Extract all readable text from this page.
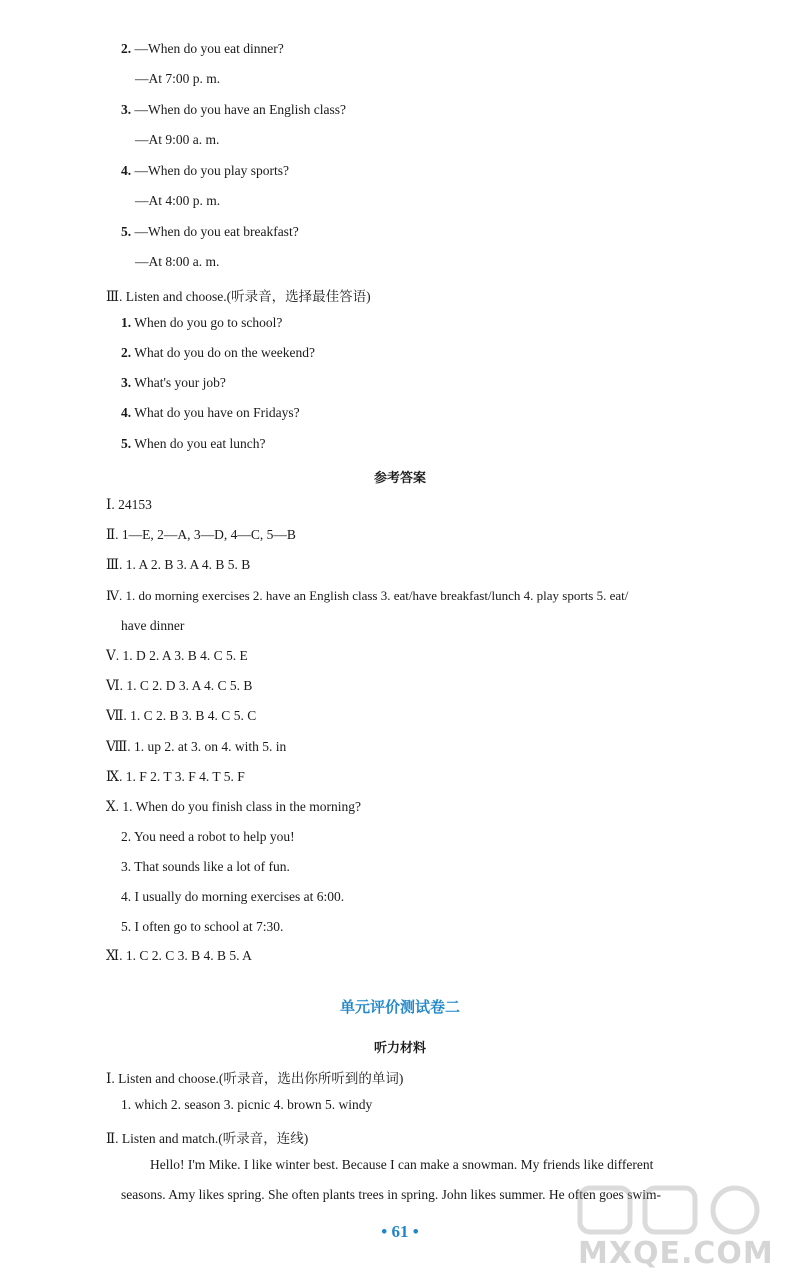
2. —When do you eat dinner?
—At 7:00 p. m.
3. —When do you have an English class?
—At 9:00 a. m.
4. —When do you play sports?
—At 4:00 p. m.
5. —When do you eat breakfast?
—At 8:00 a. m.
Ⅲ. Listen and choose.(听录音，选择最佳答语)
1. When do you go to school?
2. What do you do on the weekend?
3. What's your job?
4. What do you have on Fridays?
5. When do you eat lunch?
参考答案
Ⅰ. 24153
Ⅱ. 1—E, 2—A, 3—D, 4—C, 5—B
Ⅲ. 1. A 2. B 3. A 4. B 5. B
Ⅳ. 1. do morning exercises 2. have an English class 3. eat/have breakfast/lunch 4. play sports 5. eat/
have dinner
Ⅴ. 1. D 2. A 3. B 4. C 5. E
Ⅵ. 1. C 2. D 3. A 4. C 5. B
Ⅶ. 1. C 2. B 3. B 4. C 5. C
Ⅷ. 1. up 2. at 3. on 4. with 5. in
Ⅸ. 1. F 2. T 3. F 4. T 5. F
Ⅹ. 1. When do you finish class in the morning?
2. You need a robot to help you!
3. That sounds like a lot of fun.
4. I usually do morning exercises at 6:00.
5. I often go to school at 7:30.
Ⅺ. 1. C 2. C 3. B 4. B 5. A
单元评价测试卷二
听力材料
Ⅰ. Listen and choose.(听录音，选出你所听到的单词)
1. which 2. season 3. picnic 4. brown 5. windy
Ⅱ. Listen and match.(听录音，连线)
Hello! I'm Mike. I like winter best. Because I can make a snowman. My friends like different
seasons. Amy likes spring. She often plants trees in spring. John likes summer. He often goes swim-
• 61 •
MXQE.COM
